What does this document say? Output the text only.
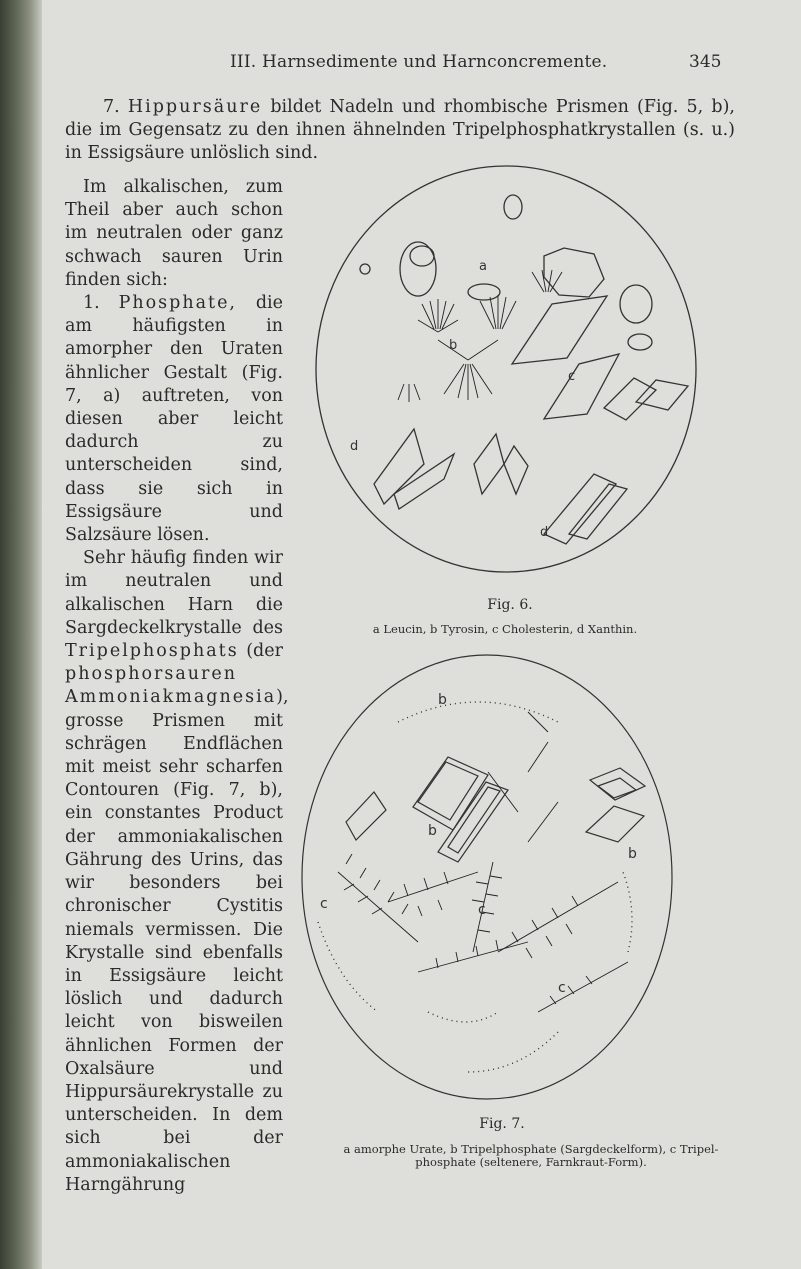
III. Harnsedimente und Harnconcremente.	345

7. Hippursäure bildet Nadeln und rhombische Prismen (Fig. 5, b), die im Gegensatz zu den ihnen ähnelnden Tripelphosphatkrystallen (s. u.) in Essigsäure unlöslich sind.

Im alkalischen, zum Theil aber auch schon im neutralen oder ganz schwach sauren Urin finden sich:

1. Phosphate, die am häufigsten in amorpher den Uraten ähnlicher Gestalt (Fig. 7, a) auftreten, von diesen aber leicht dadurch zu unterscheiden sind, dass sie sich in Essigsäure und Salzsäure lösen.

Sehr häufig finden wir im neutralen und alkalischen Harn die Sargdeckelkrystalle des Tripelphosphats (der phosphorsauren Ammoniakmagnesia), grosse Prismen mit schrägen Endflächen mit meist sehr scharfen Contouren (Fig. 7, b), ein constantes Product der ammoniakalischen Gährung des Urins, das wir besonders bei chronischer Cystitis niemals vermissen. Die Krystalle sind ebenfalls in Essigsäure leicht löslich und dadurch leicht von bisweilen ähnlichen Formen der Oxalsäure und Hippursäurekrystalle zu unterscheiden. In dem sich bei der ammoniakalischen Harngährung

a
b
c
d
d
Fig. 6.
a Leucin, b Tyrosin, c Cholesterin, d Xanthin.
b
b
b
c	c
c
Fig. 7.
a amorphe Urate, b Tripelphosphate (Sargdeckelform), c Tripel-
phosphate (seltenere, Farnkraut-Form).
